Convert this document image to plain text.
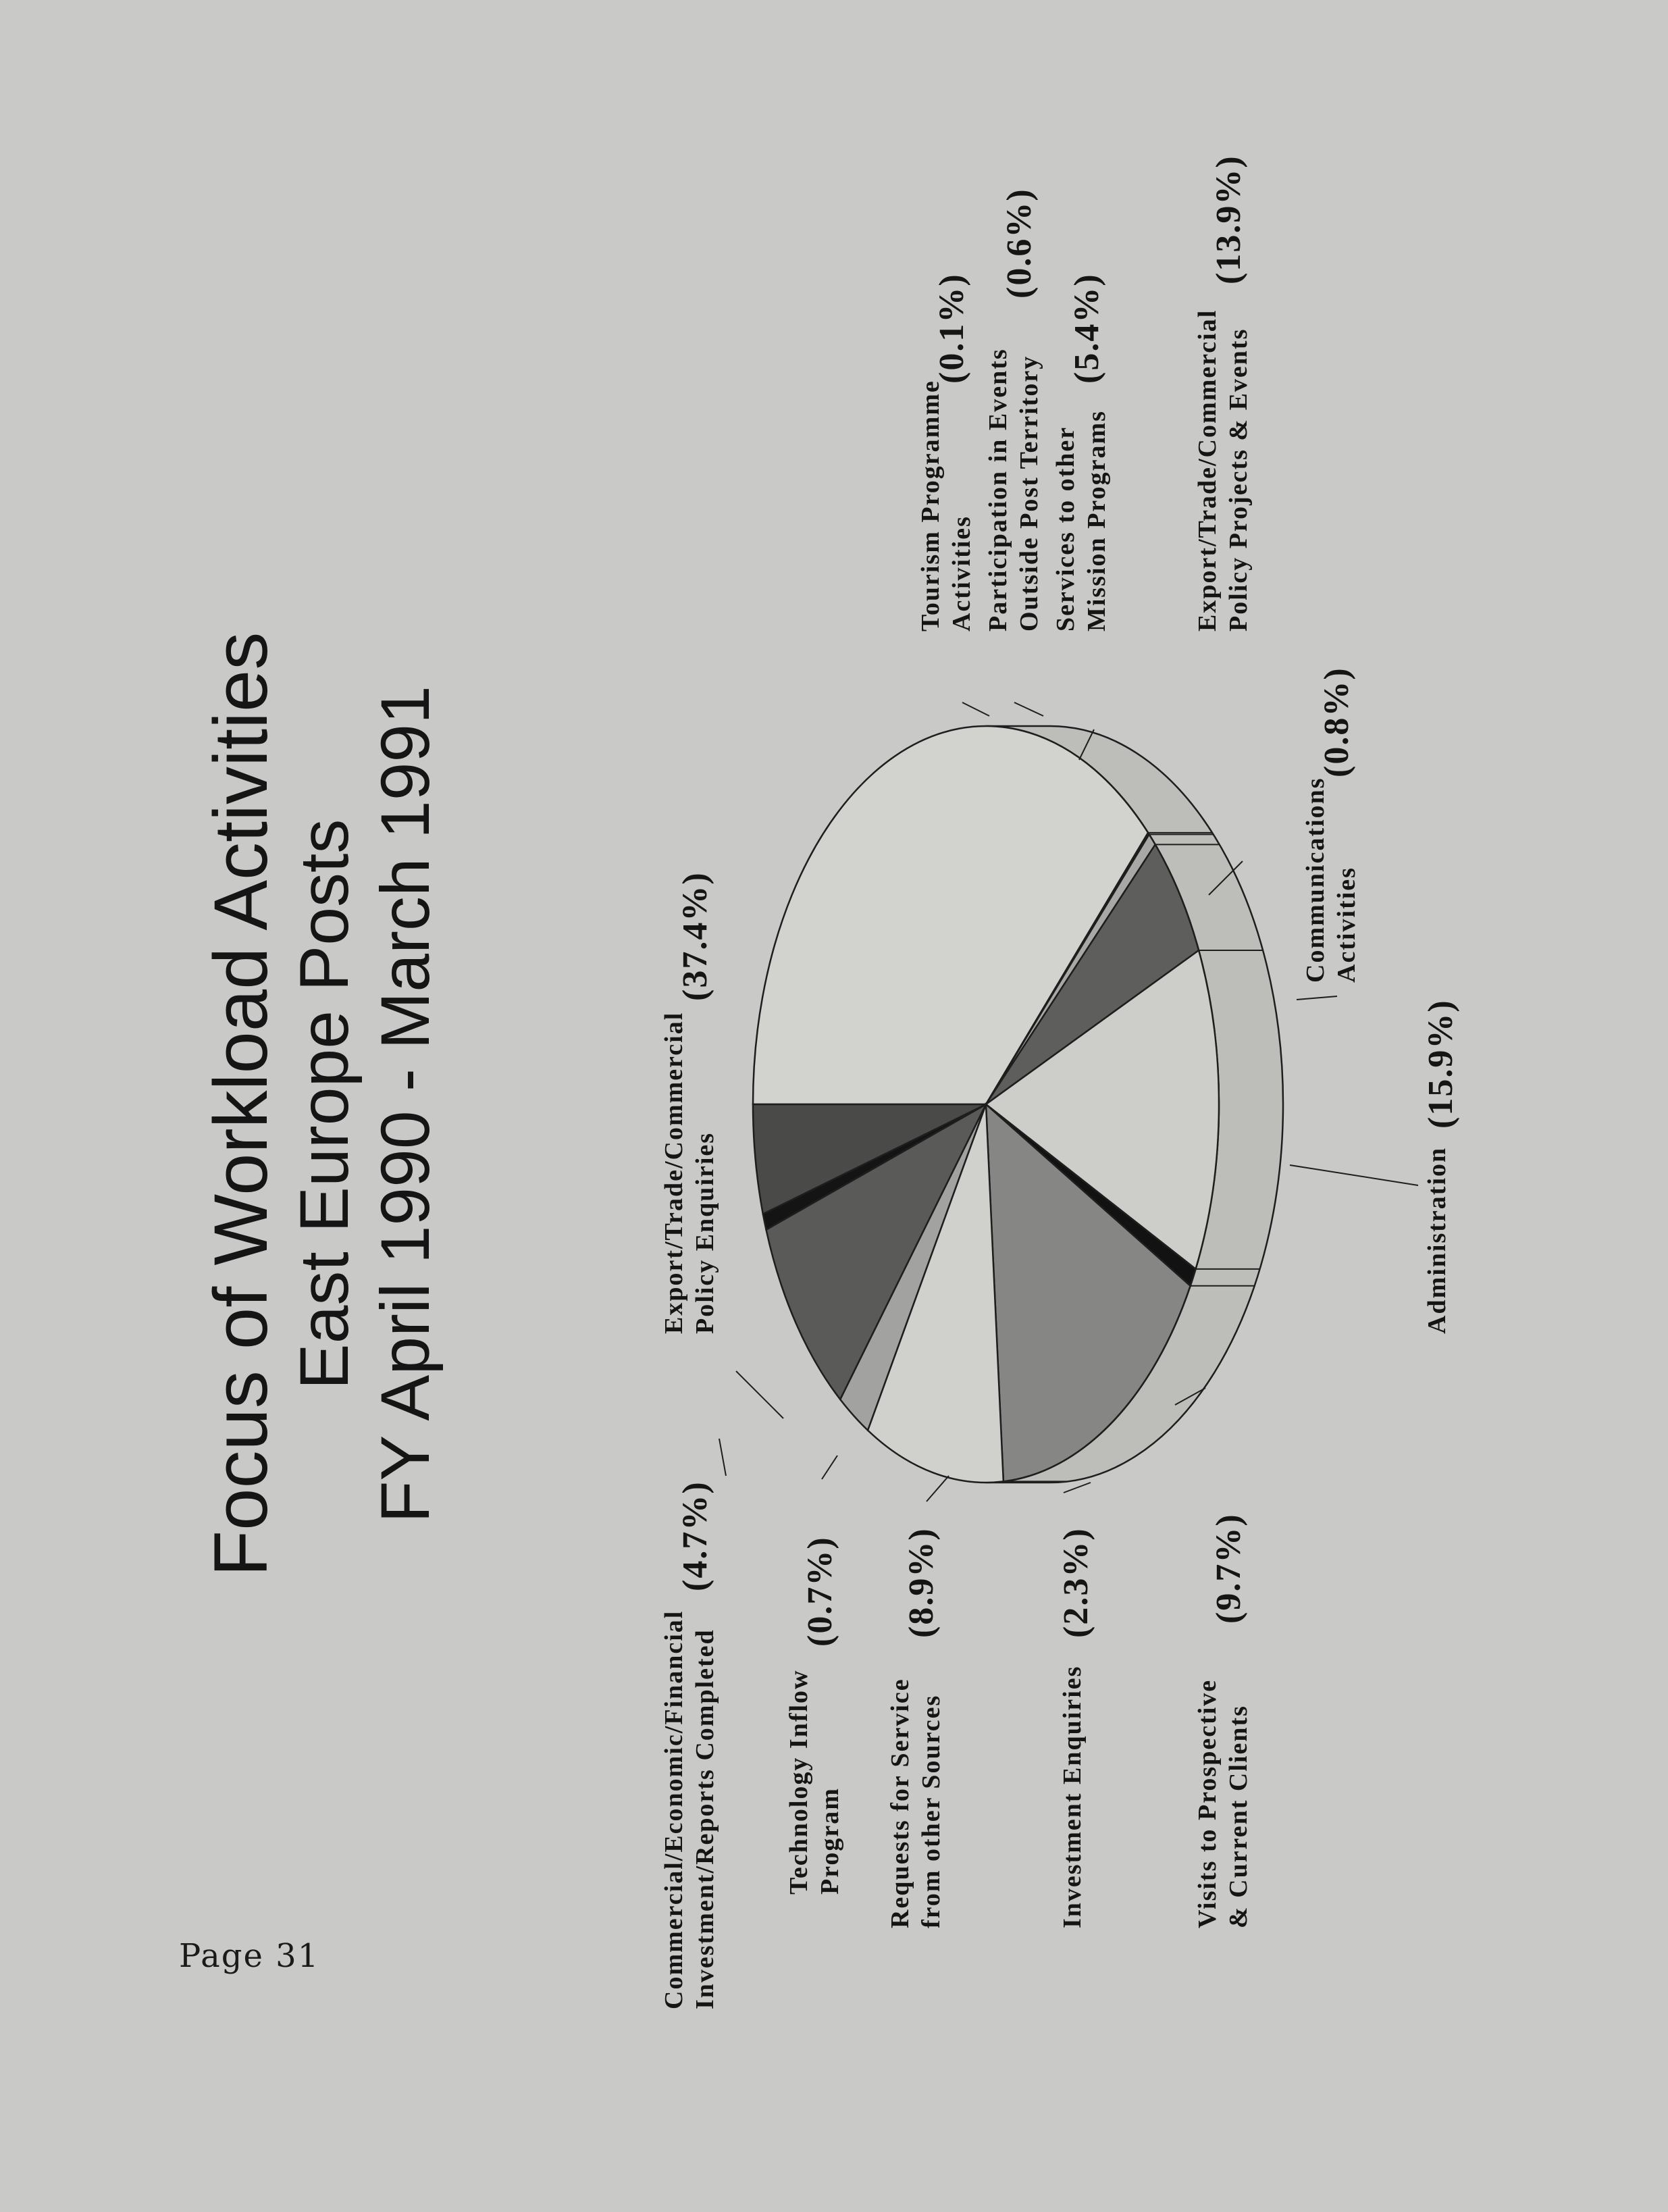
Page 31
Focus of Workload Activities East Europe Posts FY April 1990 - March 1991	Export/Trade/Commercial Policy Enquiries
(37.4%)
Tourism Programme Activities
(0.1%)
Participation in Events Outside Post Territory
(0.6%)
Services to other Mission Programs
(5.4%)	Export/Trade/Commercial Policy Projects & Events
(13.9%)
Communications Activities
(0.8%)
Administration
(15.9%)
Visits to Prospective & Current Clients
(9.7%)
Investment Enquiries
(2.3%)
Requests for Service from other Sources
(8.9%)
Technology Inflow Program
(0.7%)
Commercial/Economic/Financial Investment/Reports Completed
(4.7%)
